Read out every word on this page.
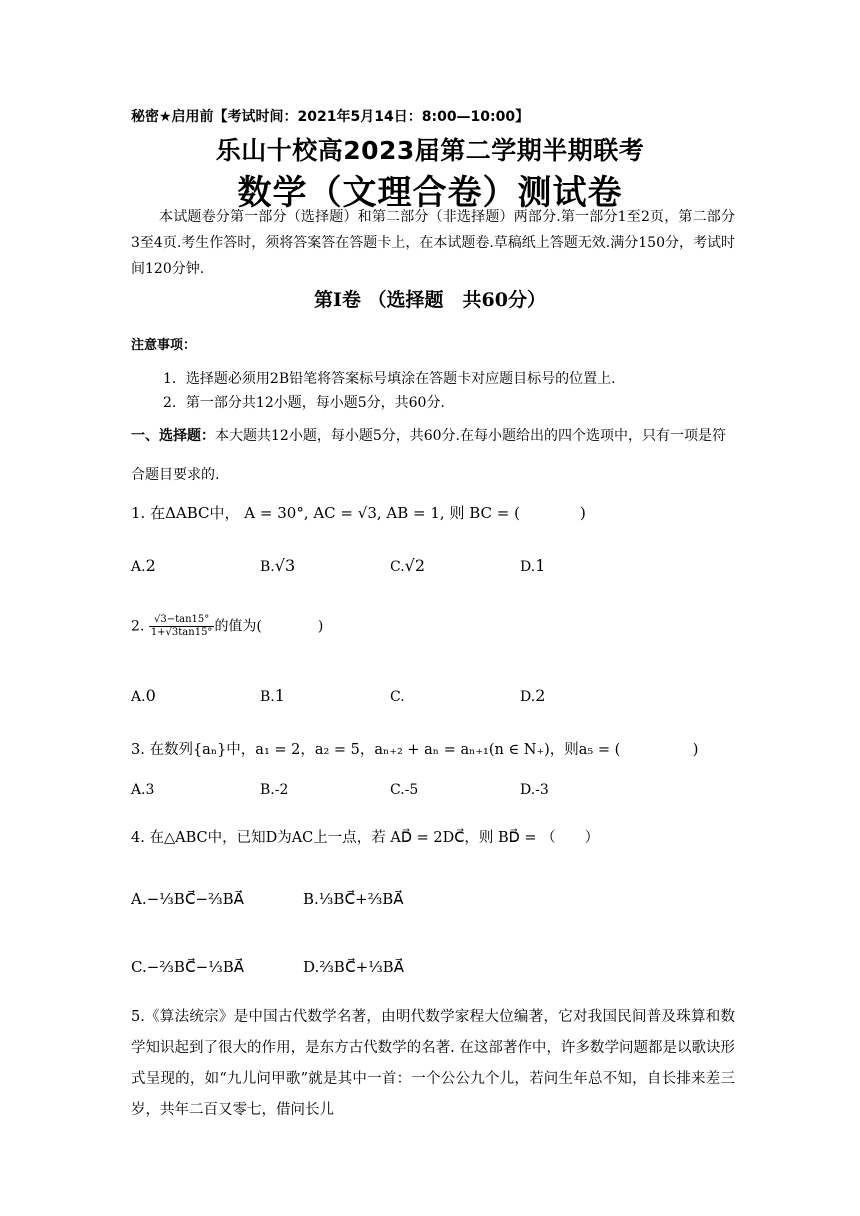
秘密★启用前【考试时间：2021年5月14日：8:00—10:00】
乐山十校高2023届第二学期半期联考
数学（文理合卷）测试卷

本试题卷分第一部分（选择题）和第二部分（非选择题）两部分.第一部分1至2页，第二部分3至4页.考生作答时，须将答案答在答题卡上，在本试题卷.草稿纸上答题无效.满分150分，考试时间120分钟.

第Ⅰ卷 （选择题　共60分）
注意事项：
1．选择题必须用2B铅笔将答案标号填涂在答题卡对应题目标号的位置上.
2．第一部分共12小题，每小题5分，共60分.
一、选择题：本大题共12小题，每小题5分，共60分.在每小题给出的四个选项中，只有一项是符合题目要求的.
1. 在ΔABC中， A = 30°, AC = √3, AB = 1, 则 BC = (　　　　)
A.2	B.√3	C.√2	D.1
2. $\frac{√3-\tan 15^\circ}{1+√3\tan 15^\circ}$ 的值为(　　　　)
A.0	B.1	C.	D.2
3. 在数列{aₙ}中，a₁ = 2，a₂ = 5，aₙ₊₂ + aₙ = aₙ₊₁(n ∈ N₊)，则a₅ = (　　　　　)
A.3	B.-2	C.-5	D.-3
4. 在△ABC中，已知D为AC上一点，若 AD⃗ = 2DC⃗，则 BD⃗ = （　　）
A.−⅓BC⃗−⅔BA⃗	B.⅓BC⃗+⅔BA⃗
C.−⅔BC⃗−⅓BA⃗	D.⅔BC⃗+⅓BA⃗

5.《算法统宗》是中国古代数学名著，由明代数学家程大位编著，它对我国民间普及珠算和数学知识起到了很大的作用，是东方古代数学的名著. 在这部著作中，许多数学问题都是以歌诀形式呈现的，如“九儿问甲歌”就是其中一首：一个公公九个儿，若问生年总不知，自长排来差三岁，共年二百又零七，借问长儿
